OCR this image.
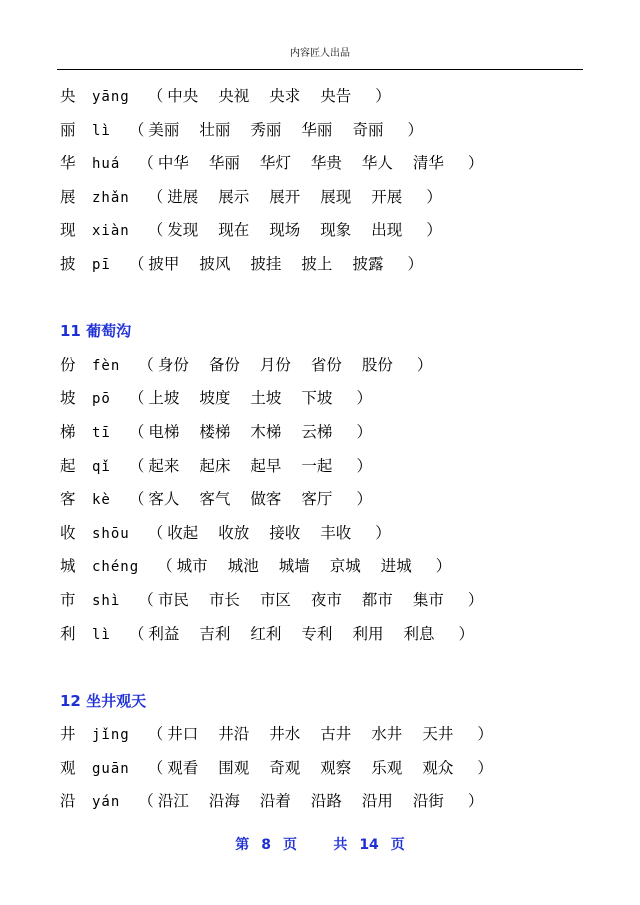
内容匠人出品
央 yāng （ 中央 央视 央求 央告 ）
丽 lì （ 美丽 壮丽 秀丽 华丽 奇丽 ）
华 huá （ 中华 华丽 华灯 华贵 华人 清华 ）
展 zhǎn （ 进展 展示 展开 展现 开展 ）
现 xiàn （ 发现 现在 现场 现象 出现 ）
披 pī （ 披甲 披风 披挂 披上 披露 ）
11 葡萄沟
份 fèn （ 身份 备份 月份 省份 股份 ）
坡 pō （ 上坡 坡度 土坡 下坡 ）
梯 tī （ 电梯 楼梯 木梯 云梯 ）
起 qǐ （ 起来 起床 起早 一起 ）
客 kè （ 客人 客气 做客 客厅 ）
收 shōu （ 收起 收放 接收 丰收 ）
城 chéng （ 城市 城池 城墙 京城 进城 ）
市 shì （ 市民 市长 市区 夜市 都市 集市 ）
利 lì （ 利益 吉利 红利 专利 利用 利息 ）
12 坐井观天
井 jǐng （ 井口 井沿 井水 古井 水井 天井 ）
观 guān （ 观看 围观 奇观 观察 乐观 观众 ）
沿 yán （ 沿江 沿海 沿着 沿路 沿用 沿街 ）
第 8 页	共 14 页
